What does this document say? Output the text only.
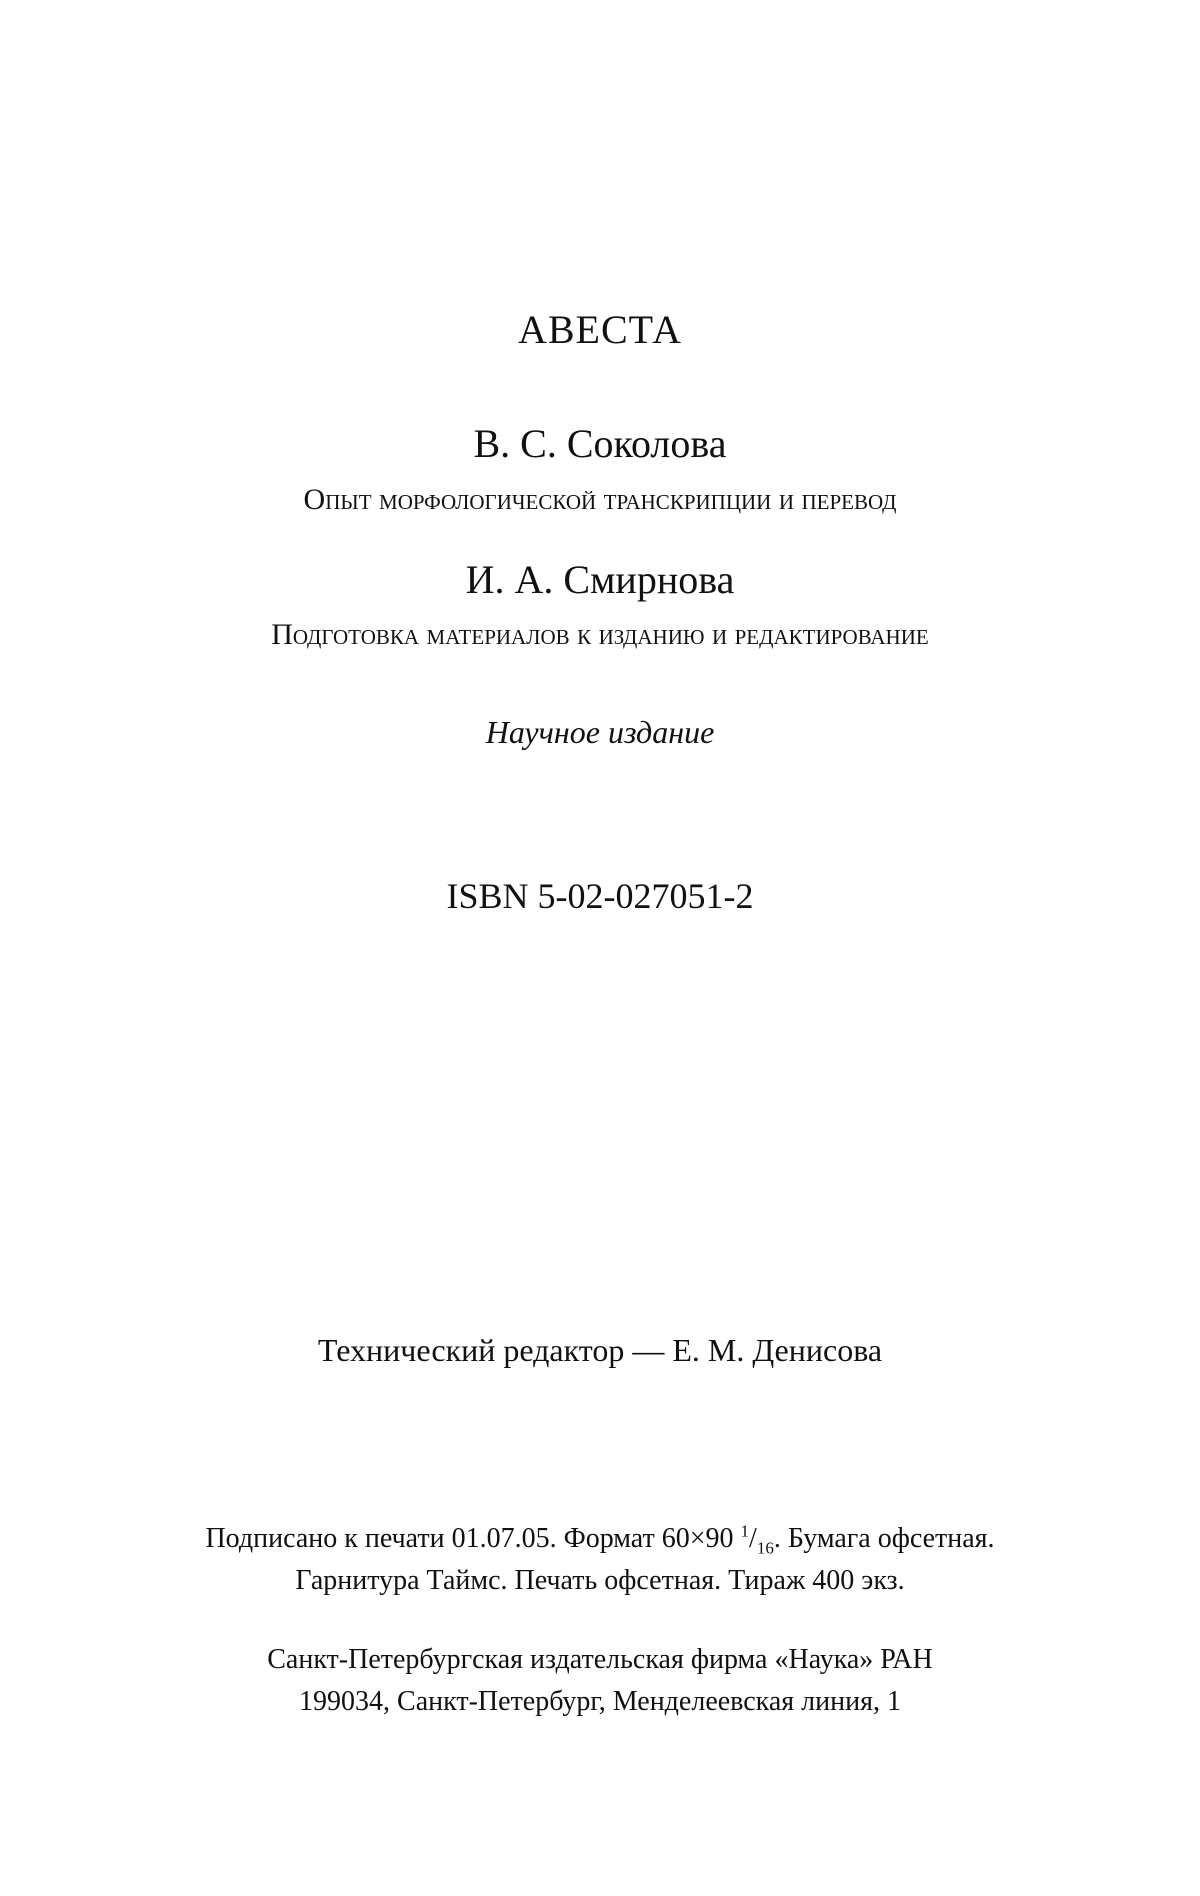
АВЕСТА
В. С. Соколова
Опыт морфологической транскрипции и перевод
И. А. Смирнова
Подготовка материалов к изданию и редактирование
Научное издание
ISBN 5-02-027051-2
Технический редактор — Е. М. Денисова
Подписано к печати 01.07.05. Формат 60×90 $^1/_{16}$. Бумага офсетная.
Гарнитура Таймс. Печать офсетная. Тираж 400 экз.
Санкт-Петербургская издательская фирма «Наука» РАН
199034, Санкт-Петербург, Менделеевская линия, 1
